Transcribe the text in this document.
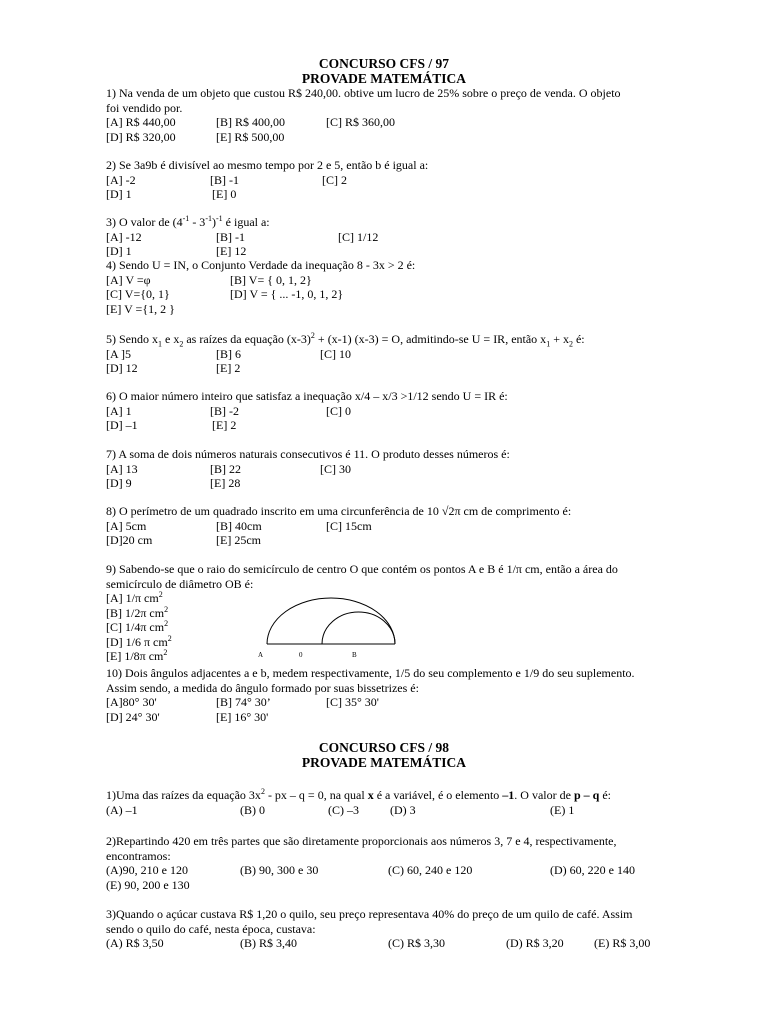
CONCURSO CFS / 97
PROVADE MATEMÁTICA

1) Na venda de um objeto que custou R$ 240,00. obtive um lucro de 25% sobre o preço de venda. O objeto

foi vendido por.

[A] R$ 440,00	[B] R$ 400,00	[C] R$ 360,00
[D] R$ 320,00	[E] R$ 500,00

2) Se 3a9b é divisível ao mesmo tempo por 2 e 5, então b é igual a:

[A] -2	[B] -1	[C] 2
[D] 1	[E] 0

3) O valor de $(4^{-1} - 3^{-1})^{-1}$ é igual a:

[A] -12	[B] -1	[C] 1/12
[D] 1	[E] 12

4) Sendo U = IN, o Conjunto Verdade da inequação 8 - 3x > 2 é:

[A] V =φ	[B] V= { 0, 1, 2}
[C] V={0, 1}	[D] V = { ... -1, 0, 1, 2}
[E] V ={1, 2 }

5) Sendo $x_1$ e $x_2$ as raízes da equação $(x-3)^2 + (x-1) (x-3) = O$, admitindo-se U = IR, então $x_1 + x_2$ é:

[A ]5	[B] 6	[C] 10
[D] 12	[E] 2

6) O maior número inteiro que satisfaz a inequação x/4 – x/3 >1/12 sendo U = IR é:

[A] 1	[B] -2	[C] 0
[D] –1	[E] 2

7) A soma de dois números naturais consecutivos é 11. O produto desses números é:

[A] 13	[B] 22	[C] 30
[D] 9	[E] 28

8) O perímetro de um quadrado inscrito em uma circunferência de 10 √2π cm de comprimento é:

[A] 5cm	[B] 40cm	[C] 15cm
[D]20 cm	[E] 25cm

9) Sabendo-se que o raio do semicírculo de centro O que contém os pontos A e B é 1/π cm, então a área do

semicírculo de diâmetro OB é:

[A] 1/π $cm^2$
[B] 1/2π $cm^2$
[C] 1/4π $cm^2$
[D] 1/6 π $cm^2$
[E] 1/8π $cm^2$	A	0	B

10) Dois ângulos adjacentes a e b, medem respectivamente, 1/5 do seu complemento e 1/9 do seu suplemento.

Assim sendo, a medida do ângulo formado por suas bissetrizes é:

[A]80° 30'	[B] 74° 30’	[C] 35° 30'
[D] 24° 30'	[E] 16° 30'
CONCURSO CFS / 98
PROVADE MATEMÁTICA

1)Uma das raízes da equação $3x^2$ - px – q = 0, na qual x é a variável, é o elemento –1. O valor de p – q é:

(A) –1	(B) 0	(C) –3	(D) 3	(E) 1

2)Repartindo 420 em três partes que são diretamente proporcionais aos números 3, 7 e 4, respectivamente,

encontramos:

(A)90, 210 e 120	(B) 90, 300 e 30	(C) 60, 240 e 120	(D) 60, 220 e 140
(E) 90, 200 e 130

3)Quando o açúcar custava R$ 1,20 o quilo, seu preço representava 40% do preço de um quilo de café. Assim

sendo o quilo do café, nesta época, custava:

(A) R$ 3,50	(B) R$ 3,40	(C) R$ 3,30	(D) R$ 3,20	(E) R$ 3,00
